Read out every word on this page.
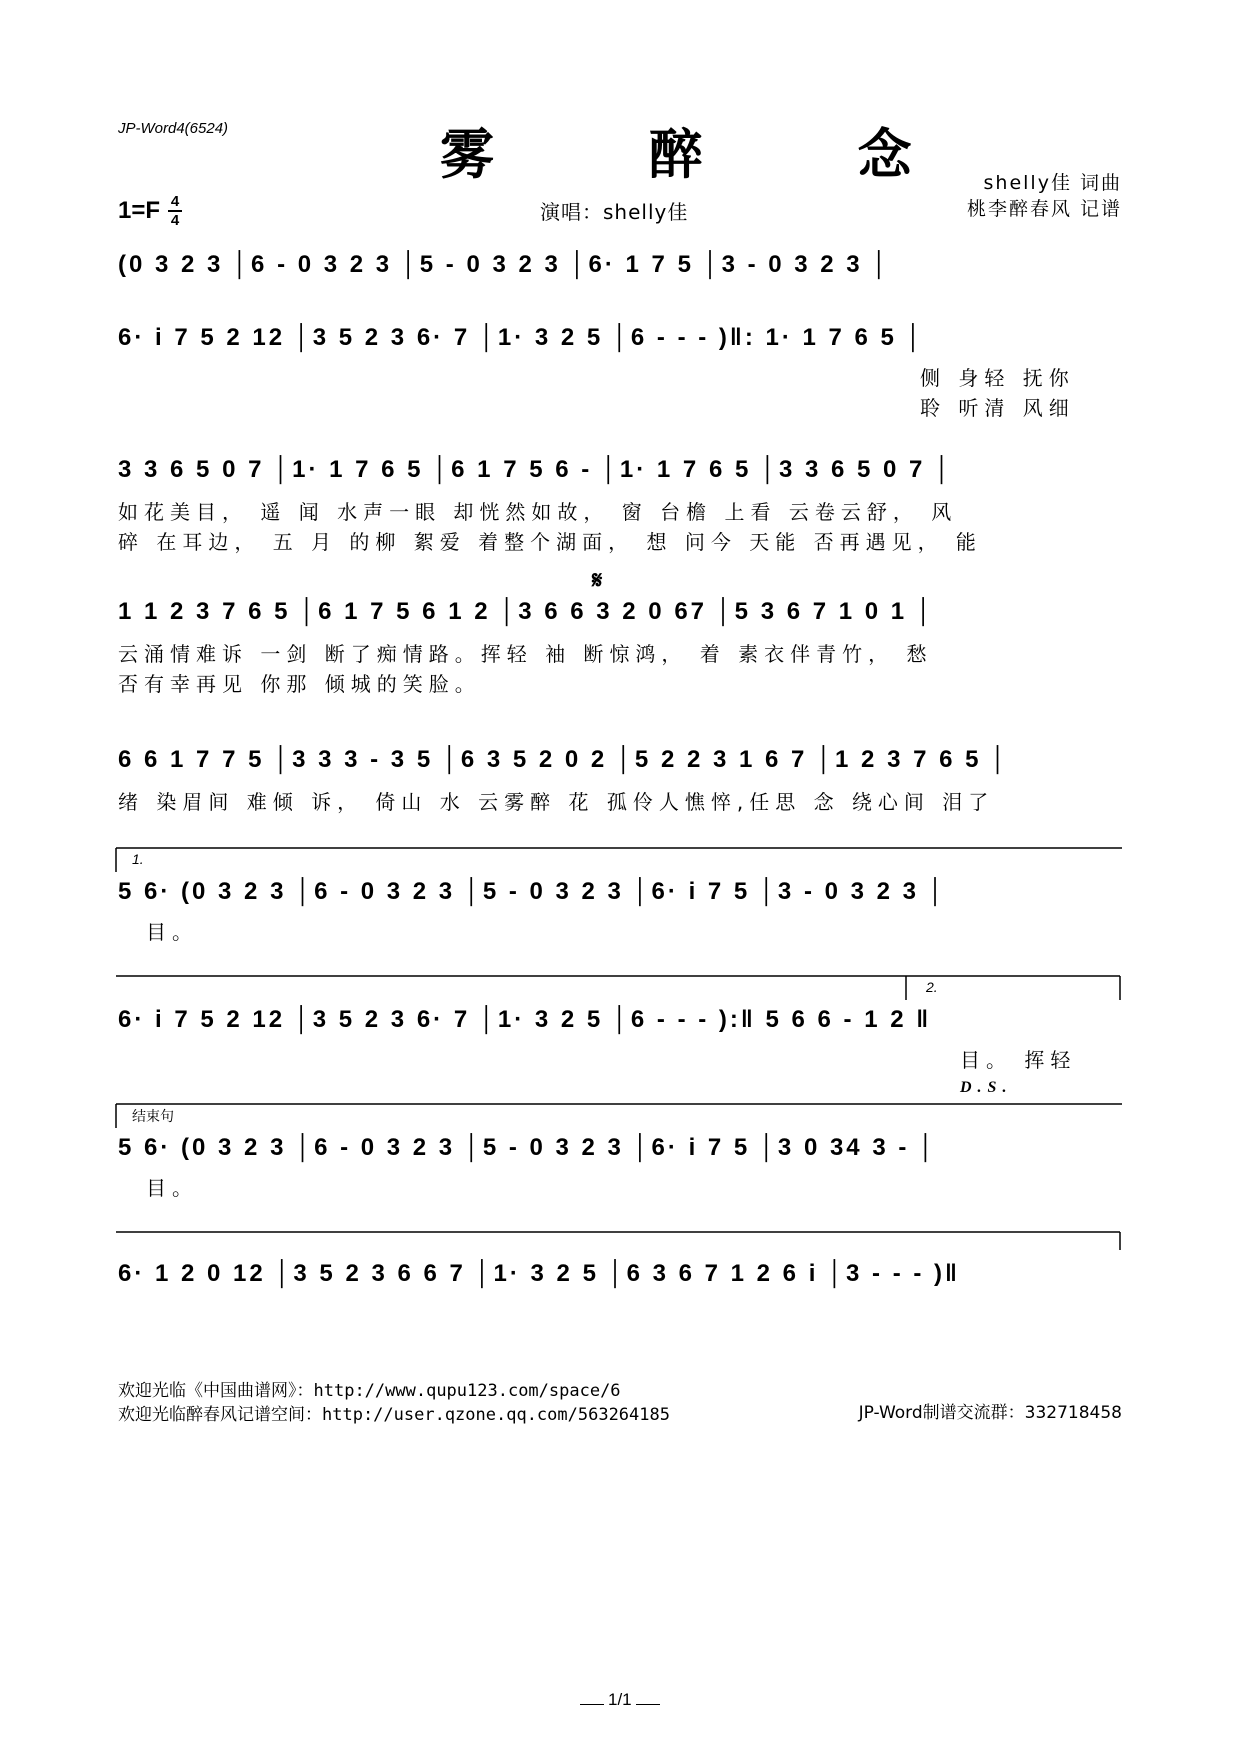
JP-Word4(6524)	雾 醉 念 shelly佳 词曲
桃李醉春风 记谱
1=F 4
4	演唱：shelly佳
(0 3 2 3 │6 - 0 3 2 3 │5 - 0 3 2 3 │6· 1 7 5 │3 - 0 3 2 3 │
6· i 7 5 2 12 │3 5 2 3 6· 7 │1· 3 2 5 │6 - - - )‖: 1· 1 7 6 5 │
侧 身轻 抚你
聆 听清 风细
3 3 6 5 0 7 │1· 1 7 6 5 │6 1 7 5 6 - │1· 1 7 6 5 │3 3 6 5 0 7 │
如花美目， 遥 闻 水声一眼 却恍然如故， 窗 台檐 上看 云卷云舒， 风
碎 在耳边， 五 月 的柳 絮爱 着整个湖面， 想 问今 天能 否再遇见， 能
𝄋
1 1 2 3 7 6 5 │6 1 7 5 6 1 2 │3 6 6 3 2 0 67 │5 3 6 7 1 0 1 │
云涌情难诉 一剑 断了痴情路。挥轻 袖 断惊鸿， 着 素衣伴青竹， 愁
否有幸再见 你那 倾城的笑脸。
6 6 1 7 7 5 │3 3 3 - 3 5 │6 3 5 2 0 2 │5 2 2 3 1 6 7 │1 2 3 7 6 5 │
绪 染眉间 难倾 诉， 倚山 水 云雾醉 花 孤伶人憔悴,任思 念 绕心间 泪了
1.
5 6· (0 3 2 3 │6 - 0 3 2 3 │5 - 0 3 2 3 │6· i 7 5 │3 - 0 3 2 3 │
目。
2.
6· i 7 5 2 12 │3 5 2 3 6· 7 │1· 3 2 5 │6 - - - ):‖ 5 6 6 - 1 2 ‖
目。 挥轻D.S.
结束句
5 6· (0 3 2 3 │6 - 0 3 2 3 │5 - 0 3 2 3 │6· i 7 5 │3 0 34 3 - │
目。
6· 1 2 0 12 │3 5 2 3 6 6 7 │1· 3 2 5 │6 3 6 7 1 2 6 i │3 - - - )‖
欢迎光临《中国曲谱网》：http://www.qupu123.com/space/6
欢迎光临醉春风记谱空间：http://user.qzone.qq.com/563264185	JP-Word制谱交流群：332718458
1/1
